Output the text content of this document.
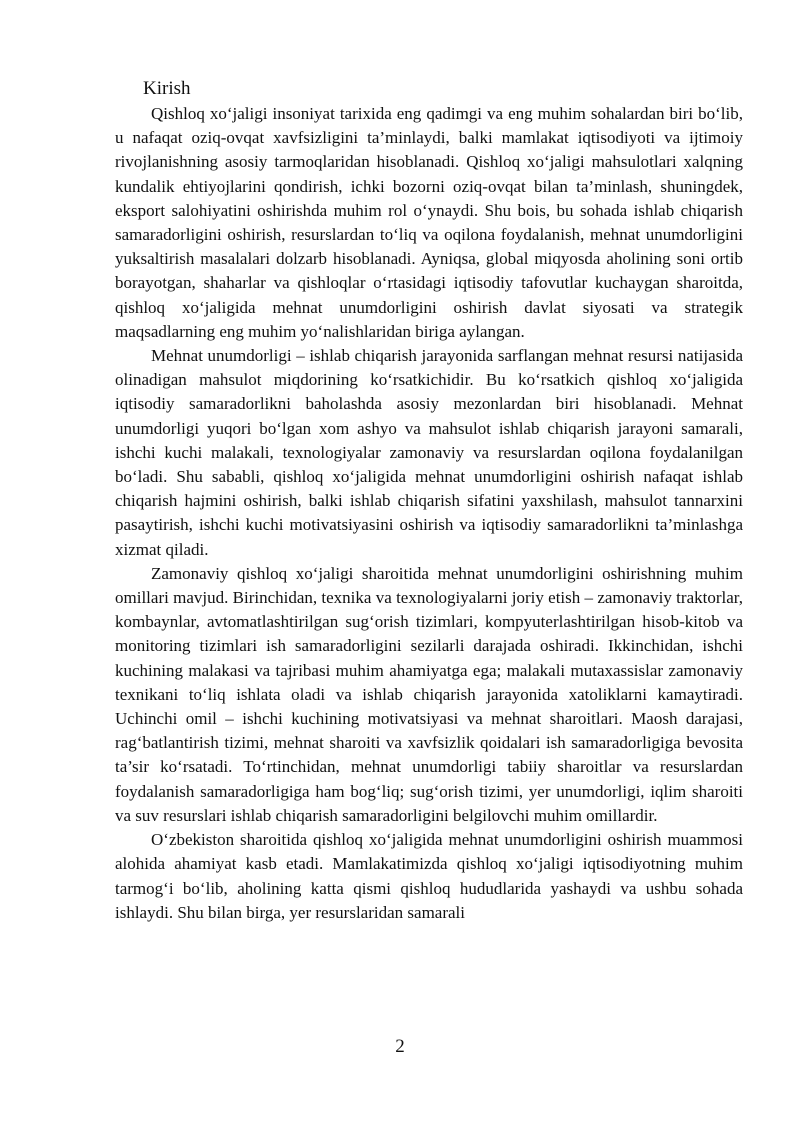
Kirish

Qishloq xo‘jaligi insoniyat tarixida eng qadimgi va eng muhim sohalardan biri bo‘lib, u nafaqat oziq-ovqat xavfsizligini ta’minlaydi, balki mamlakat iqtisodiyoti va ijtimoiy rivojlanishning asosiy tarmoqlaridan hisoblanadi. Qishloq xo‘jaligi mahsulotlari xalqning kundalik ehtiyojlarini qondirish, ichki bozorni oziq-ovqat bilan ta’minlash, shuningdek, eksport salohiyatini oshirishda muhim rol o‘ynaydi. Shu bois, bu sohada ishlab chiqarish samaradorligini oshirish, resurslardan to‘liq va oqilona foydalanish, mehnat unumdorligini yuksaltirish masalalari dolzarb hisoblanadi. Ayniqsa, global miqyosda aholining soni ortib borayotgan, shaharlar va qishloqlar o‘rtasidagi iqtisodiy tafovutlar kuchaygan sharoitda, qishloq xo‘jaligida mehnat unumdorligini oshirish davlat siyosati va strategik maqsadlarning eng muhim yo‘nalishlaridan biriga aylangan.

Mehnat unumdorligi – ishlab chiqarish jarayonida sarflangan mehnat resursi natijasida olinadigan mahsulot miqdorining ko‘rsatkichidir. Bu ko‘rsatkich qishloq xo‘jaligida iqtisodiy samaradorlikni baholashda asosiy mezonlardan biri hisoblanadi. Mehnat unumdorligi yuqori bo‘lgan xom ashyo va mahsulot ishlab chiqarish jarayoni samarali, ishchi kuchi malakali, texnologiyalar zamonaviy va resurslardan oqilona foydalanilgan bo‘ladi. Shu sababli, qishloq xo‘jaligida mehnat unumdorligini oshirish nafaqat ishlab chiqarish hajmini oshirish, balki ishlab chiqarish sifatini yaxshilash, mahsulot tannarxini pasaytirish, ishchi kuchi motivatsiyasini oshirish va iqtisodiy samaradorlikni ta’minlashga xizmat qiladi.

Zamonaviy qishloq xo‘jaligi sharoitida mehnat unumdorligini oshirishning muhim omillari mavjud. Birinchidan, texnika va texnologiyalarni joriy etish – zamonaviy traktorlar, kombaynlar, avtomatlashtirilgan sug‘orish tizimlari, kompyuterlashtirilgan hisob-kitob va monitoring tizimlari ish samaradorligini sezilarli darajada oshiradi. Ikkinchidan, ishchi kuchining malakasi va tajribasi muhim ahamiyatga ega; malakali mutaxassislar zamonaviy texnikani to‘liq ishlata oladi va ishlab chiqarish jarayonida xatoliklarni kamaytiradi. Uchinchi omil – ishchi kuchining motivatsiyasi va mehnat sharoitlari. Maosh darajasi, rag‘batlantirish tizimi, mehnat sharoiti va xavfsizlik qoidalari ish samaradorligiga bevosita ta’sir ko‘rsatadi. To‘rtinchidan, mehnat unumdorligi tabiiy sharoitlar va resurslardan foydalanish samaradorligiga ham bog‘liq; sug‘orish tizimi, yer unumdorligi, iqlim sharoiti va suv resurslari ishlab chiqarish samaradorligini belgilovchi muhim omillardir.

O‘zbekiston sharoitida qishloq xo‘jaligida mehnat unumdorligini oshirish muammosi alohida ahamiyat kasb etadi. Mamlakatimizda qishloq xo‘jaligi iqtisodiyotning muhim tarmog‘i bo‘lib, aholining katta qismi qishloq hududlarida yashaydi va ushbu sohada ishlaydi. Shu bilan birga, yer resurslaridan samarali

2
